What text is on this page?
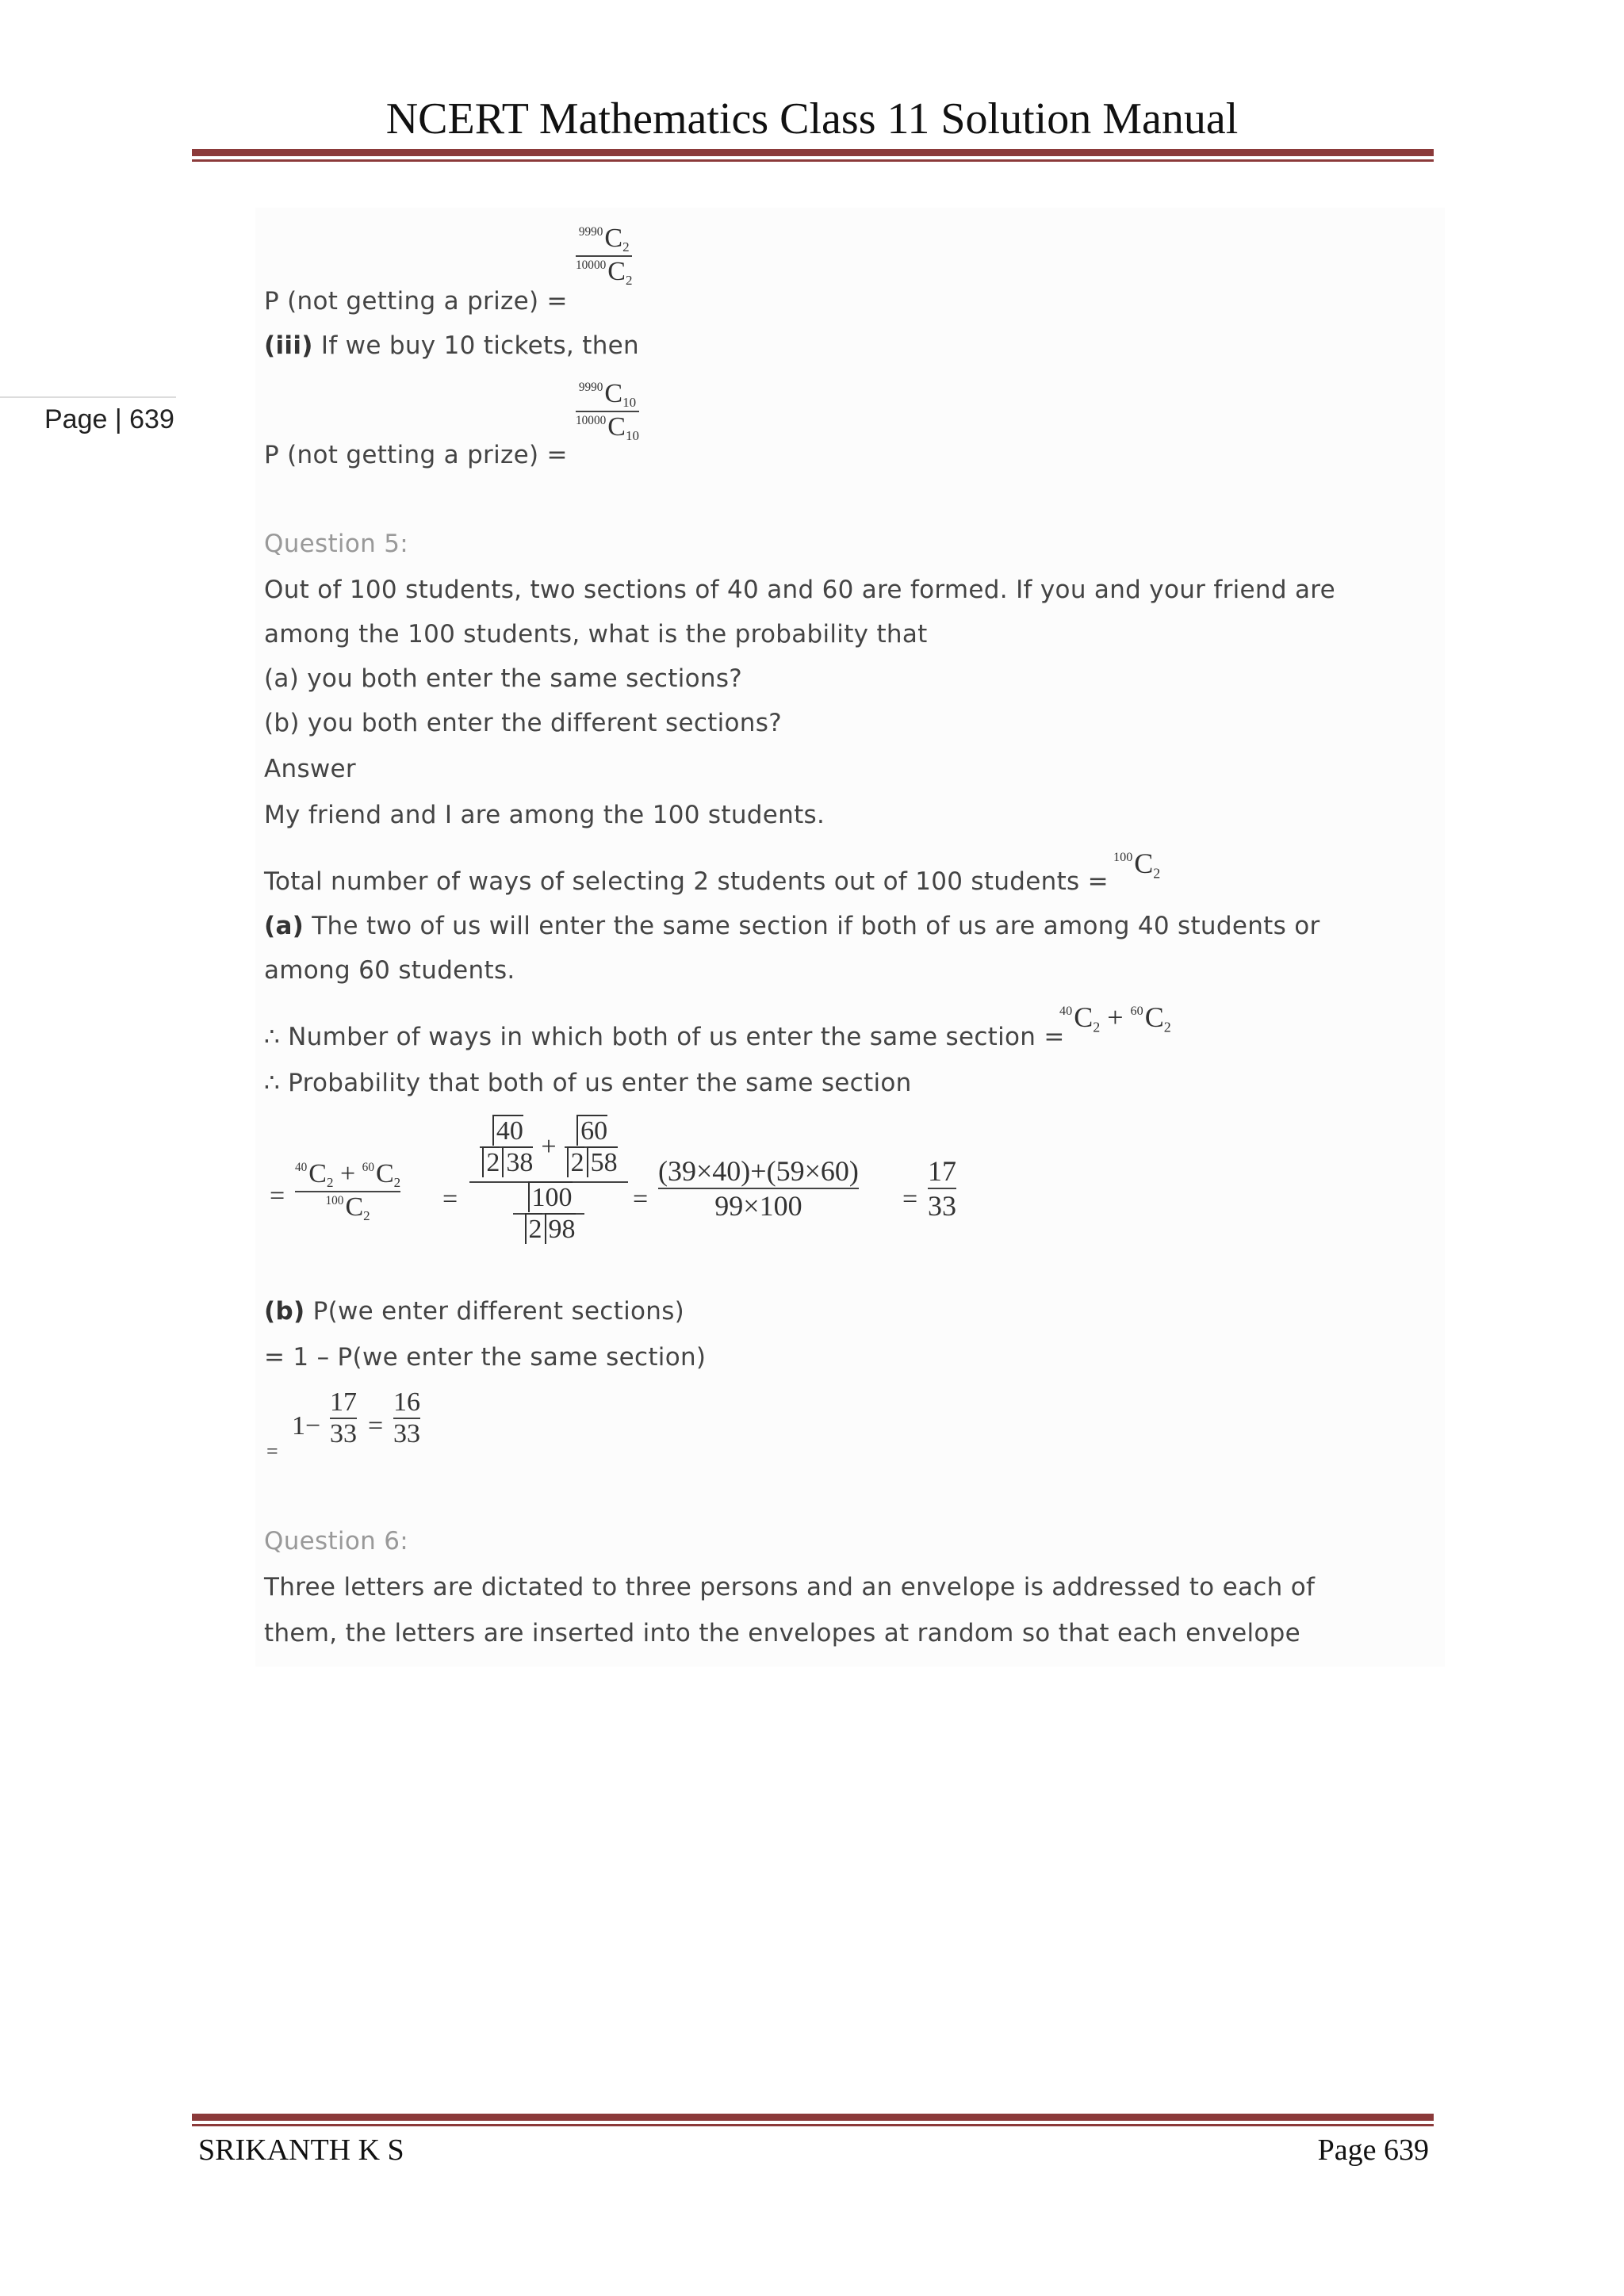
NCERT Mathematics Class 11 Solution Manual
Page | 639
$^{9990}C_2$
$^{10000}C_2$
P (not getting a prize) =
(iii) If we buy 10 tickets, then
$^{9990}C_{10}$
$^{10000}C_{10}$
P (not getting a prize) =
Question 5:
Out of 100 students, two sections of 40 and 60 are formed. If you and your friend are
among the 100 students, what is the probability that
(a) you both enter the same sections?
(b) you both enter the different sections?
Answer
My friend and I are among the 100 students.
Total number of ways of selecting 2 students out of 100 students =
$^{100}C_2$
(a) The two of us will enter the same section if both of us are among 40 students or
among 60 students.
∴ Number of ways in which both of us enter the same section =
$^{40}C_2 + ^{60}C_2$
∴ Probability that both of us enter the same section
=
$^{40}C_2 + ^{60}C_2$
$^{100}C_2$
=
40
2 38
+
60
2 58
100
2 98
=
(39×40)+(59×60)
99×100	=
17
33
(b) P(we enter different sections)
= 1 – P(we enter the same section)
=
1−
17
33 =
16
33
Question 6:
Three letters are dictated to three persons and an envelope is addressed to each of
them, the letters are inserted into the envelopes at random so that each envelope
SRIKANTH K S	Page 639
